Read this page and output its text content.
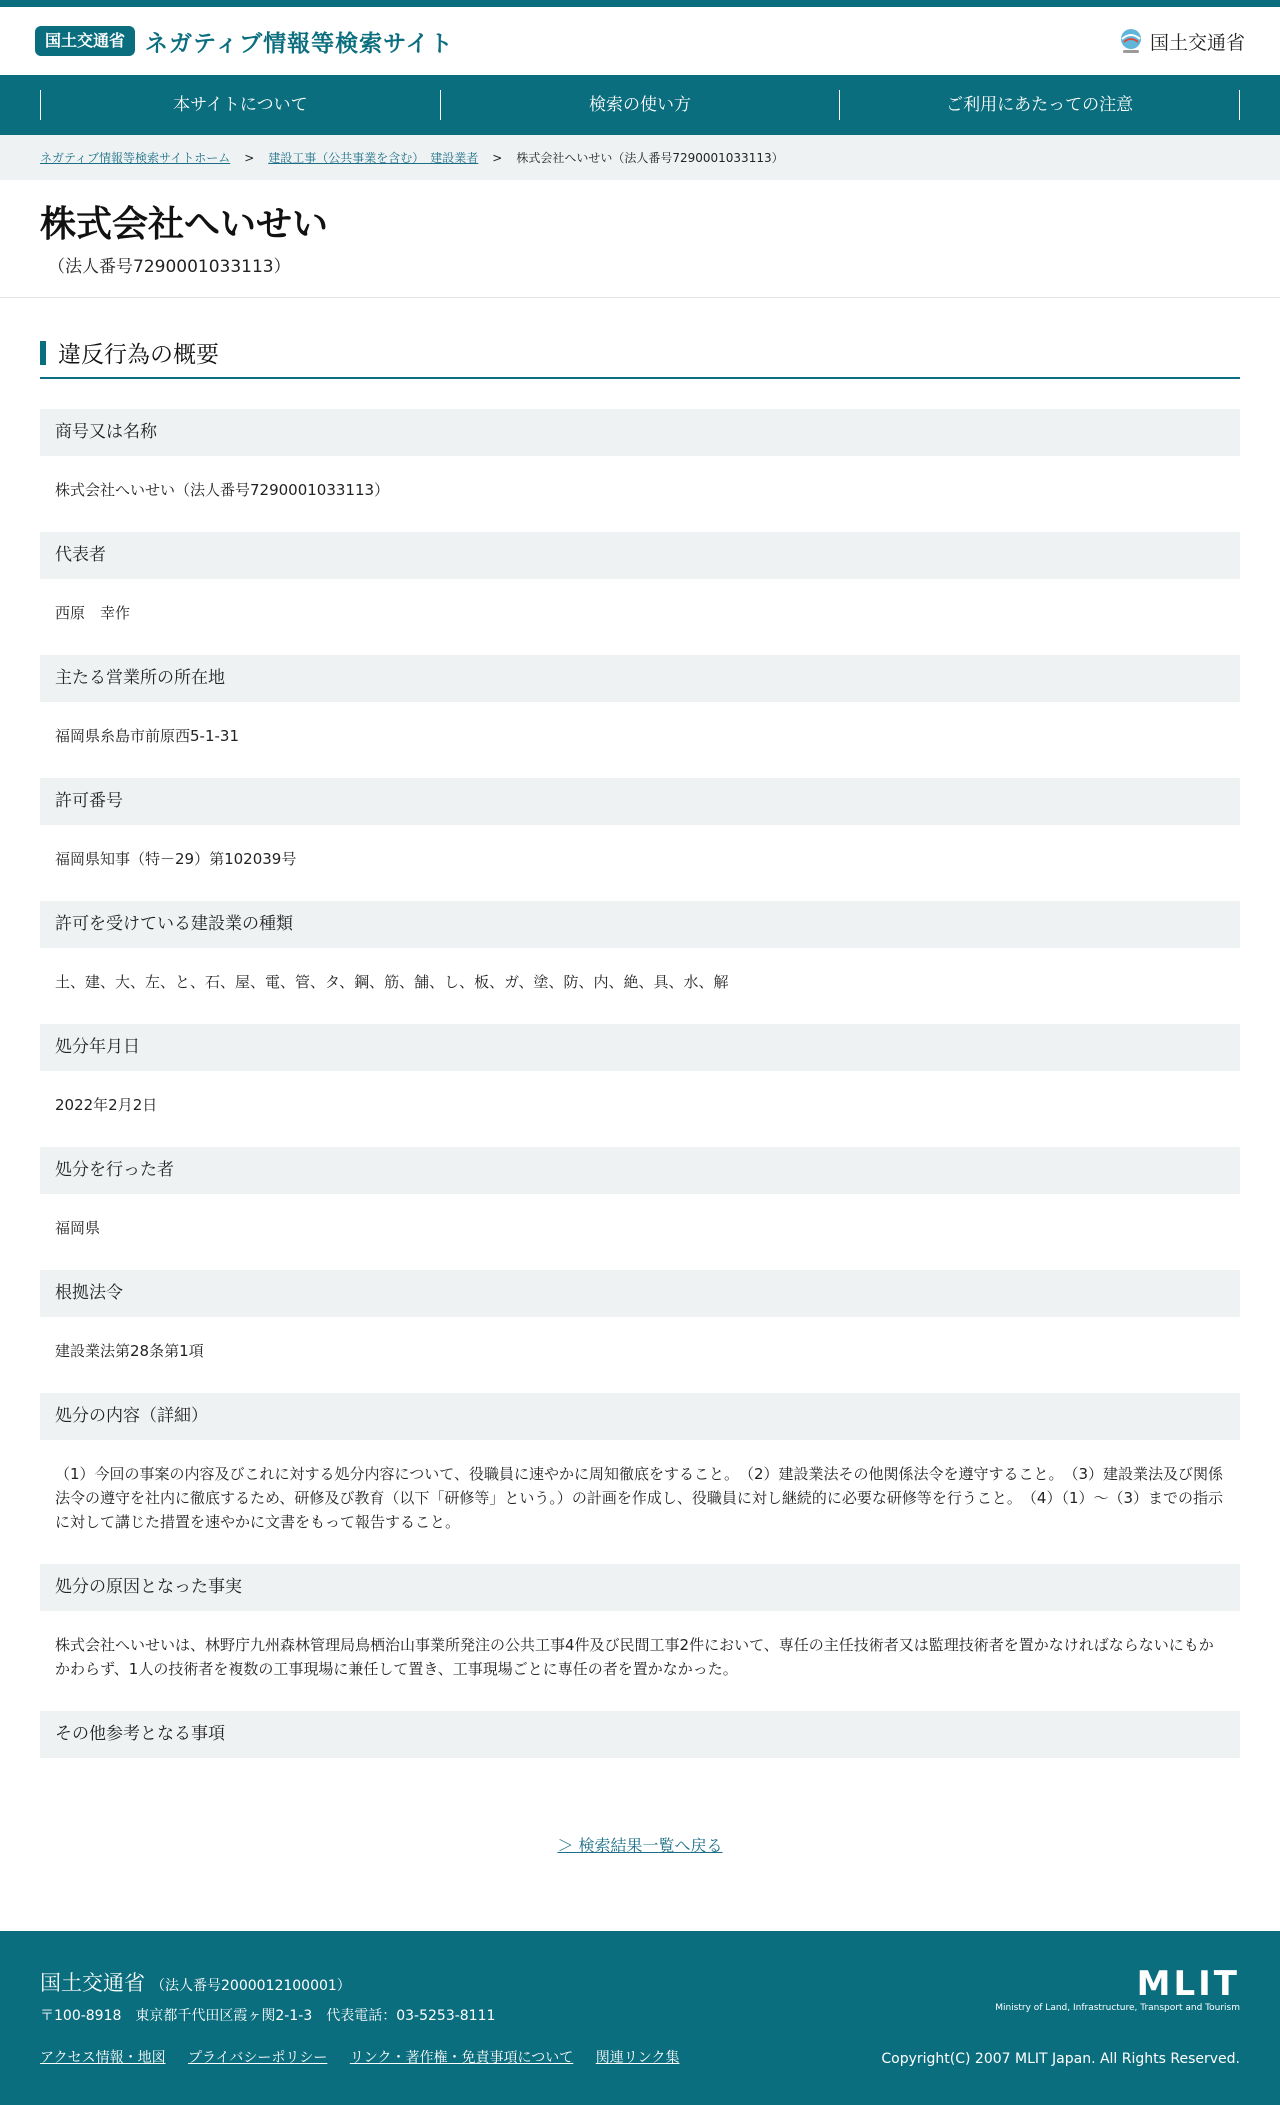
国土交通省 ネガティブ情報等検索サイト	国土交通省
本サイトについて	検索の使い方	ご利用にあたっての注意
ネガティブ情報等検索サイトホーム > 建設工事（公共事業を含む）　建設業者 > 株式会社へいせい（法人番号7290001033113）
株式会社へいせい
（法人番号7290001033113）
違反行為の概要
商号又は名称
株式会社へいせい（法人番号7290001033113）
代表者
西原　幸作
主たる営業所の所在地
福岡県糸島市前原西5-1-31
許可番号
福岡県知事（特－29）第102039号
許可を受けている建設業の種類
土、建、大、左、と、石、屋、電、管、タ、鋼、筋、舗、し、板、ガ、塗、防、内、絶、具、水、解
処分年月日
2022年2月2日
処分を行った者
福岡県
根拠法令
建設業法第28条第1項
処分の内容（詳細）
（1）今回の事案の内容及びこれに対する処分内容について、役職員に速やかに周知徹底をすること。　（2）建設業法その他関係法令を遵守すること。　（3）建設業法及び関係法令の遵守を社内に徹底するため、研修及び教育（以下「研修等」という。）の計画を作成し、役職員に対し継続的に必要な研修等を行うこと。　（4）（1）～（3）までの指示に対して講じた措置を速やかに文書をもって報告すること。
処分の原因となった事実
株式会社へいせいは、林野庁九州森林管理局鳥栖治山事業所発注の公共工事4件及び民間工事2件において、専任の主任技術者又は監理技術者を置かなければならないにもかかわらず、1人の技術者を複数の工事現場に兼任して置き、工事現場ごとに専任の者を置かなかった。
その他参考となる事項
＞ 検索結果一覧へ戻る
国土交通省 （法人番号2000012100001）
〒100-8918　東京都千代田区霞ヶ関2-1-3　代表電話：03-5253-8111
アクセス情報・地図 プライバシーポリシー リンク・著作権・免責事項について 関連リンク集
MLIT
Ministry of Land, Infrastructure, Transport and Tourism
Copyright(C) 2007 MLIT Japan. All Rights Reserved.
